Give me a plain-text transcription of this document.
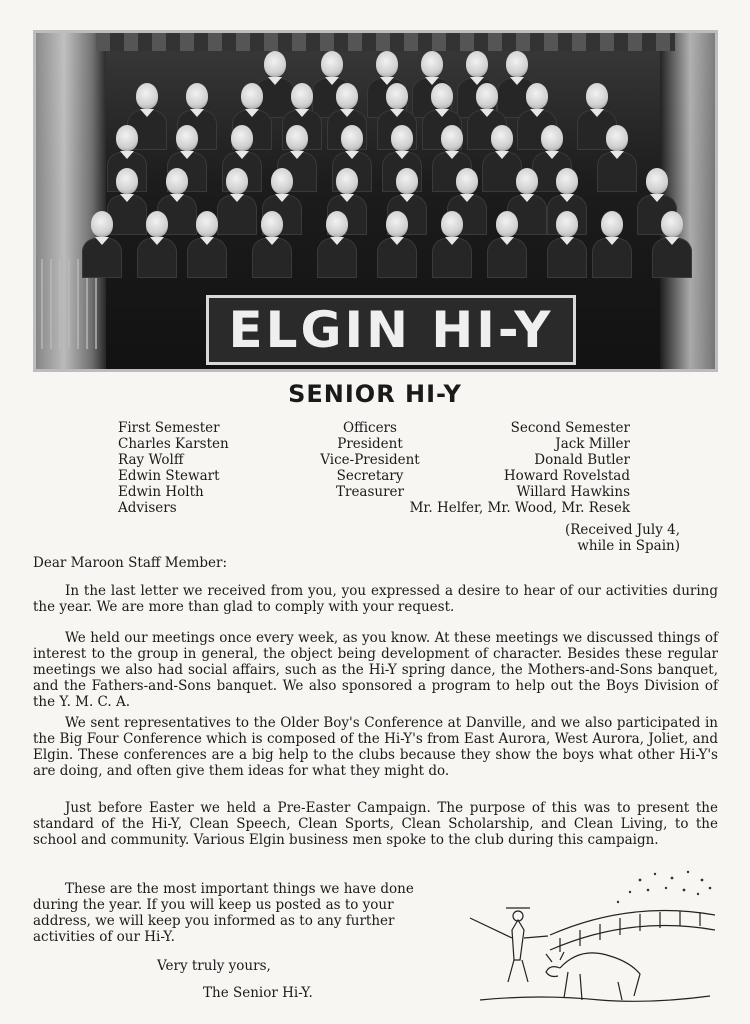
ELGIN HI-Y
SENIOR HI-Y
First Semester
Charles Karsten
Ray Wolff
Edwin Stewart
Edwin Holth
Officers
President
Vice-President
Secretary
Treasurer
Second Semester
Jack Miller
Donald Butler
Howard Rovelstad
Willard Hawkins
Advisers	Mr. Helfer, Mr. Wood, Mr. Resek
(Received July 4,
while in Spain)
Dear Maroon Staff Member:

In the last letter we received from you, you expressed a desire to hear of our activities during the year. We are more than glad to comply with your request.

We held our meetings once every week, as you know. At these meetings we discussed things of interest to the group in general, the object being development of character. Besides these regular meetings we also had social affairs, such as the Hi-Y spring dance, the Mothers-and-Sons banquet, and the Fathers-and-Sons banquet. We also sponsored a program to help out the Boys Division of the Y. M. C. A.

We sent representatives to the Older Boy's Conference at Danville, and we also participated in the Big Four Conference which is composed of the Hi-Y's from East Aurora, West Aurora, Joliet, and Elgin. These conferences are a big help to the clubs because they show the boys what other Hi-Y's are doing, and often give them ideas for what they might do.

Just before Easter we held a Pre-Easter Campaign. The purpose of this was to present the standard of the Hi-Y, Clean Speech, Clean Sports, Clean Scholarship, and Clean Living, to the school and community. Various Elgin business men spoke to the club during this campaign.

These are the most important things we have done during the year. If you will keep us posted as to your address, we will keep you informed as to any further activities of our Hi-Y.

Very truly yours,
The Senior Hi-Y.
